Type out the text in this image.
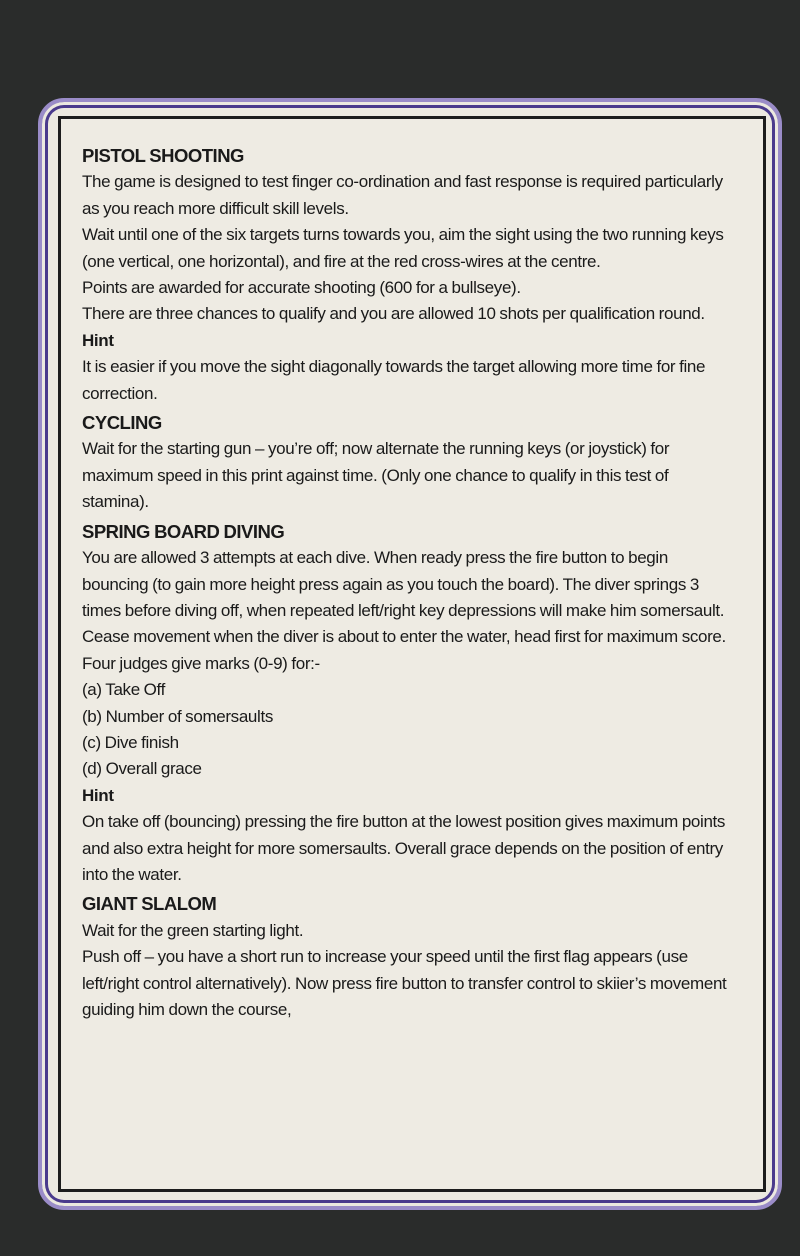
PISTOL SHOOTING

The game is designed to test finger co-ordination and fast response is required particularly as you reach more difficult skill levels.

Wait until one of the six targets turns towards you, aim the sight using the two running keys (one vertical, one horizontal), and fire at the red cross-wires at the centre.

Points are awarded for accurate shooting (600 for a bullseye).

There are three chances to qualify and you are allowed 10 shots per qualification round.

Hint

It is easier if you move the sight diagonally towards the target allowing more time for fine correction.

CYCLING

Wait for the starting gun – you’re off; now alternate the running keys (or joystick) for maximum speed in this print against time. (Only one chance to qualify in this test of stamina).

SPRING BOARD DIVING

You are allowed 3 attempts at each dive. When ready press the fire button to begin bouncing (to gain more height press again as you touch the board). The diver springs 3 times before diving off, when repeated left/right key depressions will make him somersault.

Cease movement when the diver is about to enter the water, head first for maximum score.

Four judges give marks (0-9) for:-

(a) Take Off

(b) Number of somersaults

(c) Dive finish

(d) Overall grace

Hint

On take off (bouncing) pressing the fire button at the lowest position gives maximum points and also extra height for more somersaults. Overall grace depends on the position of entry into the water.

GIANT SLALOM

Wait for the green starting light.

Push off – you have a short run to increase your speed until the first flag appears (use left/right control alternatively). Now press fire button to transfer control to skiier’s movement guiding him down the course,
